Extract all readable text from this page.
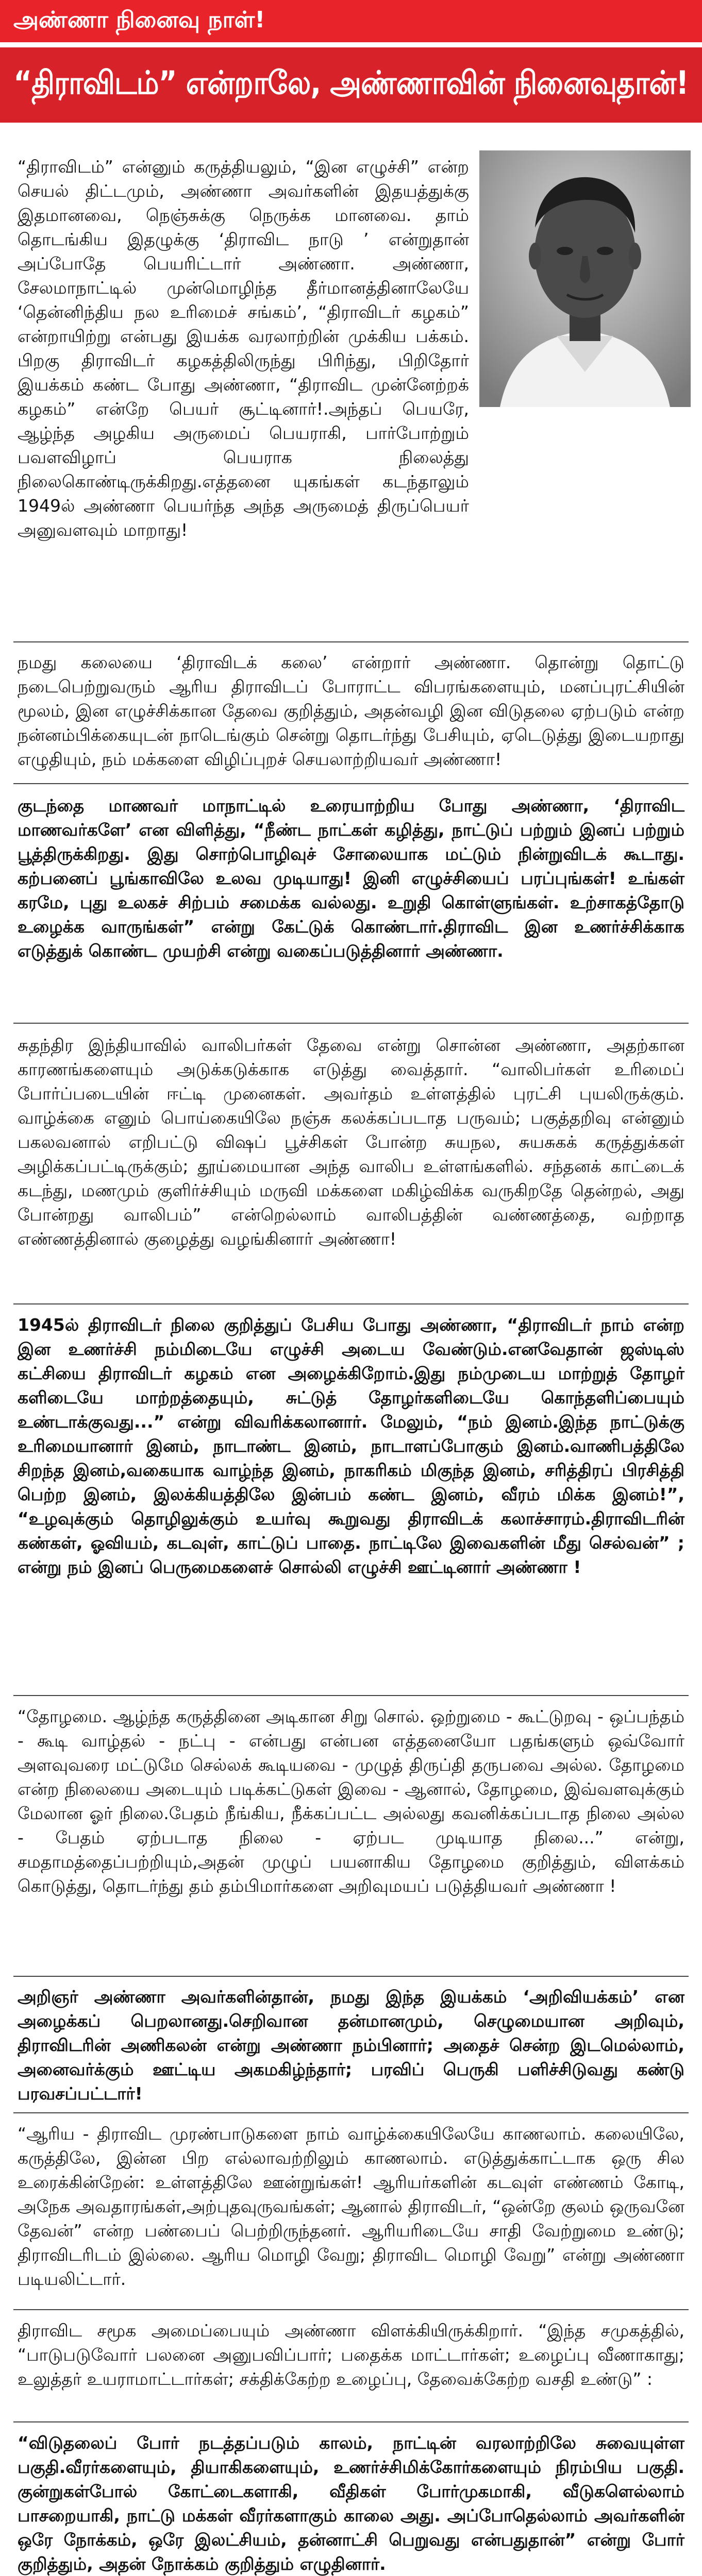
அண்ணா நினைவு நாள்!
“திராவிடம்” என்றாலே, அண்ணாவின் நினைவுதான்!

“திராவிடம்” என்னும் கருத்தியலும், “இன எழுச்சி” என்ற செயல் திட்டமும், அண்ணா அவர்களின் இதயத்துக்கு இதமானவை, நெஞ்சுக்கு நெருக்க மானவை. தாம் தொடங்கிய இதழுக்கு ‘திராவிட நாடு ’ என்றுதான் அப்போதே பெயரிட்டார் அண்ணா. அண்ணா, சேலமாநாட்டில் முன்மொழிந்த தீர்மானத்தினாலேயே ‘தென்னிந்திய நல உரிமைச் சங்கம்’, “திராவிடர் கழகம்” என்றாயிற்று என்பது இயக்க வரலாற்றின் முக்கிய பக்கம். பிறகு திராவிடர் கழகத்திலிருந்து பிரிந்து, பிறிதோர் இயக்கம் கண்ட போது அண்ணா, “திராவிட முன்னேற்றக் கழகம்” என்றே பெயர் சூட்டினார்!.அந்தப் பெயரே, ஆழ்ந்த அழகிய அருமைப் பெயராகி, பார்போற்றும் பவளவிழாப் பெயராக நிலைத்து நிலைகொண்டிருக்கிறது.எத்தனை யுகங்கள் கடந்தாலும் 1949ல் அண்ணா பெயர்ந்த அந்த அருமைத் திருப்பெயர் அனுவளவும் மாறாது!

நமது கலையை ‘திராவிடக் கலை’ என்றார் அண்ணா. தொன்று தொட்டு நடைபெற்றுவரும் ஆரிய திராவிடப் போராட்ட விபரங்களையும், மனப்புரட்சியின் மூலம், இன எழுச்சிக்கான தேவை குறித்தும், அதன்வழி இன விடுதலை ஏற்படும் என்ற நன்னம்பிக்கையுடன் நாடெங்கும் சென்று தொடர்ந்து பேசியும், ஏடெடுத்து இடையறாது எழுதியும், நம் மக்களை விழிப்புறச் செயலாற்றியவர் அண்ணா!

குடந்தை மாணவர் மாநாட்டில் உரையாற்றிய போது அண்ணா, ‘திராவிட மாணவர்களே’ என விளித்து, “நீண்ட நாட்கள் கழித்து, நாட்டுப் பற்றும் இனப் பற்றும் பூத்திருக்கிறது. இது சொற்பொழிவுச் சோலையாக மட்டும் நின்றுவிடக் கூடாது. கற்பனைப் பூங்காவிலே உலவ முடியாது! இனி எழுச்சியைப் பரப்புங்கள்! உங்கள் கரமே, புது உலகச் சிற்பம் சமைக்க வல்லது. உறுதி கொள்ளுங்கள். உற்சாகத்தோடு உழைக்க வாருங்கள்” என்று கேட்டுக் கொண்டார்.திராவிட இன உணர்ச்சிக்காக எடுத்துக் கொண்ட முயற்சி என்று வகைப்படுத்தினார் அண்ணா.

சுதந்திர இந்தியாவில் வாலிபர்கள் தேவை என்று சொன்ன அண்ணா, அதற்கான காரணங்களையும் அடுக்கடுக்காக எடுத்து வைத்தார். “வாலிபர்கள் உரிமைப் போர்ப்படையின் ஈட்டி முனைகள். அவர்தம் உள்ளத்தில் புரட்சி புயலிருக்கும். வாழ்க்கை எனும் பொய்கையிலே நஞ்சு கலக்கப்படாத பருவம்; பகுத்தறிவு என்னும் பகலவனால் எறிபட்டு விஷப் பூச்சிகள் போன்ற சுயநல, சுயசுகக் கருத்துக்கள் அழிக்கப்பட்டிருக்கும்; தூய்மையான அந்த வாலிப உள்ளங்களில். சந்தனக் காட்டைக் கடந்து, மணமும் குளிர்ச்சியும் மருவி மக்களை மகிழ்விக்க வருகிறதே தென்றல், அது போன்றது வாலிபம்” என்றெல்லாம் வாலிபத்தின் வண்ணத்தை, வற்றாத எண்ணத்தினால் குழைத்து வழங்கினார் அண்ணா!

1945ல் திராவிடர் நிலை குறித்துப் பேசிய போது அண்ணா, “திராவிடர் நாம் என்ற இன உணர்ச்சி நம்மிடையே எழுச்சி அடைய வேண்டும்.எனவேதான் ஜஸ்டிஸ் கட்சியை திராவிடர் கழகம் என அழைக்கிறோம்.இது நம்முடைய மாற்றுத் தோழர் களிடையே மாற்றத்தையும், சுட்டுத் தோழர்களிடையே கொந்தளிப்பையும் உண்டாக்குவது...” என்று விவரிக்கலானார். மேலும், “நம் இனம்.இந்த நாட்டுக்கு உரிமையானார் இனம், நாடாண்ட இனம், நாடாளப்போகும் இனம்.வாணிபத்திலே சிறந்த இனம்,வகையாக வாழ்ந்த இனம், நாகரிகம் மிகுந்த இனம், சரித்திரப் பிரசித்தி பெற்ற இனம், இலக்கியத்திலே இன்பம் கண்ட இனம், வீரம் மிக்க இனம்!”, “உழவுக்கும் தொழிலுக்கும் உயர்வு கூறுவது திராவிடக் கலாச்சாரம்.திராவிடரின் கண்கள், ஓவியம், கடவுள், காட்டுப் பாதை. நாட்டிலே இவைகளின் மீது செல்வன்” ; என்று நம் இனப் பெருமைகளைச் சொல்லி எழுச்சி ஊட்டினார் அண்ணா !

“தோழமை. ஆழ்ந்த கருத்தினை அடிகான சிறு சொல். ஒற்றுமை - கூட்டுறவு - ஒப்பந்தம் - கூடி வாழ்தல் - நட்பு - என்பது என்பன எத்தனையோ பதங்களும் ஒவ்வோர் அளவுவரை மட்டுமே செல்லக் கூடியவை - முழுத் திருப்தி தருபவை அல்ல. தோழமை என்ற நிலையை அடையும் படிக்கட்டுகள் இவை - ஆனால், தோழமை, இவ்வளவுக்கும் மேலான ஓர் நிலை.பேதம் நீங்கிய, நீக்கப்பட்ட அல்லது கவனிக்கப்படாத நிலை அல்ல - பேதம் ஏற்படாத நிலை - ஏற்பட முடியாத நிலை...” என்று, சமதாமத்தைப்பற்றியும்,அதன் முழுப் பயனாகிய தோழமை குறித்தும், விளக்கம் கொடுத்து, தொடர்ந்து தம் தம்பிமார்களை அறிவுமயப் படுத்தியவர் அண்ணா !

அறிஞர் அண்ணா அவர்களின்தான், நமது இந்த இயக்கம் ‘அறிவியக்கம்’ என அழைக்கப் பெறலானது.செறிவான தன்மானமும், செழுமையான அறிவும், திராவிடரின் அணிகலன் என்று அண்ணா நம்பினார்; அதைச் சென்ற இடமெல்லாம், அனைவர்க்கும் ஊட்டிய அகமகிழ்ந்தார்; பரவிப் பெருகி பளிச்சிடுவது கண்டு பரவசப்பட்டார்!

“ஆரிய - திராவிட முரண்பாடுகளை நாம் வாழ்க்கையிலேயே காணலாம். கலையிலே, கருத்திலே, இன்ன பிற எல்லாவற்றிலும் காணலாம். எடுத்துக்காட்டாக ஒரு சில உரைக்கின்றேன்: உள்ளத்திலே ஊன்றுங்கள்! ஆரியர்களின் கடவுள் எண்ணம் கோடி, அநேக அவதாரங்கள்,அற்புதவுருவங்கள்; ஆனால் திராவிடர், “ஒன்றே குலம் ஒருவனே தேவன்” என்ற பண்பைப் பெற்றிருந்தனர். ஆரியரிடையே சாதி வேற்றுமை உண்டு; திராவிடரிடம் இல்லை. ஆரிய மொழி வேறு; திராவிட மொழி வேறு” என்று அண்ணா படியலிட்டார்.

திராவிட சமூக அமைப்பையும் அண்ணா விளக்கியிருக்கிறார். “இந்த சமுகத்தில், “பாடுபடுவோர் பலனை அனுபவிப்பார்; பதைக்க மாட்டார்கள்; உழைப்பு வீணாகாது; உலுத்தர் உயராமாட்டார்கள்; சக்திக்கேற்ற உழைப்பு, தேவைக்கேற்ற வசதி உண்டு” :

“விடுதலைப் போர் நடத்தப்படும் காலம், நாட்டின் வரலாற்றிலே சுவையுள்ள பகுதி.வீரர்களையும், தியாகிகளையும், உணர்ச்சிமிக்கோர்களையும் நிரம்பிய பகுதி. குன்றுகள்போல் கோட்டைகளாகி, வீதிகள் போர்முகமாகி, வீடுகளெல்லாம் பாசறையாகி, நாட்டு மக்கள் வீரர்களாகும் காலை அது. அப்போதெல்லாம் அவர்களின் ஒரே நோக்கம், ஒரே இலட்சியம், தன்னாட்சி பெறுவது என்பதுதான்” என்று போர் குறித்தும், அதன் நோக்கம் குறித்தும் எழுதினார்.
